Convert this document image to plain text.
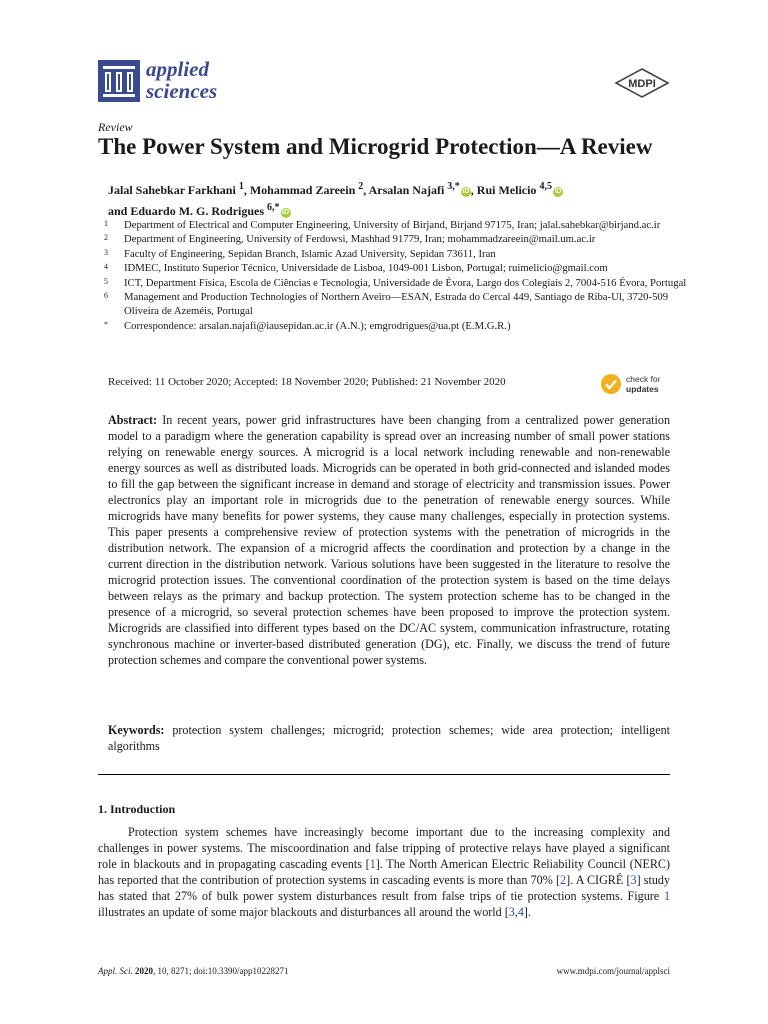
applied
sciences	MDPI
Review
The Power System and Microgrid Protection—A Review
Jalal Sahebkar Farkhani $^1$, Mohammad Zareein $^2$, Arsalan Najafi $^{3,*}$ iD , Rui Melicio $^{4,5}$ iD
and Eduardo M. G. Rodrigues $^{6,*}$ iD
1	Department of Electrical and Computer Engineering, University of Birjand, Birjand 97175, Iran; jalal.sahebkar@birjand.ac.ir
2	Department of Engineering, University of Ferdowsi, Mashhad 91779, Iran; mohammadzareein@mail.um.ac.ir
3	Faculty of Engineering, Sepidan Branch, Islamic Azad University, Sepidan 73611, Iran
4	IDMEC, Instituto Superior Técnico, Universidade de Lisboa, 1049-001 Lisbon, Portugal; ruimelicio@gmail.com
5	ICT, Department Física, Escola de Ciências e Tecnologia, Universidade de Évora, Largo dos Colegiais 2, 7004-516 Évora, Portugal
6	Management and Production Technologies of Northern Aveiro—ESAN, Estrada do Cercal 449, Santiago de Riba-Ul, 3720-509 Oliveira de Azeméis, Portugal
*	Correspondence: arsalan.najafi@iausepidan.ac.ir (A.N.); emgrodrigues@ua.pt (E.M.G.R.)
Received: 11 October 2020; Accepted: 18 November 2020; Published: 21 November 2020	check for
updates
Abstract: In recent years, power grid infrastructures have been changing from a centralized power generation model to a paradigm where the generation capability is spread over an increasing number of small power stations relying on renewable energy sources. A microgrid is a local network including renewable and non-renewable energy sources as well as distributed loads. Microgrids can be operated in both grid-connected and islanded modes to fill the gap between the significant increase in demand and storage of electricity and transmission issues. Power electronics play an important role in microgrids due to the penetration of renewable energy sources. While microgrids have many benefits for power systems, they cause many challenges, especially in protection systems. This paper presents a comprehensive review of protection systems with the penetration of microgrids in the distribution network. The expansion of a microgrid affects the coordination and protection by a change in the current direction in the distribution network. Various solutions have been suggested in the literature to resolve the microgrid protection issues. The conventional coordination of the protection system is based on the time delays between relays as the primary and backup protection. The system protection scheme has to be changed in the presence of a microgrid, so several protection schemes have been proposed to improve the protection system. Microgrids are classified into different types based on the DC/AC system, communication infrastructure, rotating synchronous machine or inverter-based distributed generation (DG), etc. Finally, we discuss the trend of future protection schemes and compare the conventional power systems.
Keywords: protection system challenges; microgrid; protection schemes; wide area protection; intelligent algorithms
1. Introduction

Protection system schemes have increasingly become important due to the increasing complexity and challenges in power systems. The miscoordination and false tripping of protective relays have played a significant role in blackouts and in propagating cascading events [1]. The North American Electric Reliability Council (NERC) has reported that the contribution of protection systems in cascading events is more than 70% [2]. A CIGRÉ [3] study has stated that 27% of bulk power system disturbances result from false trips of tie protection systems. Figure 1 illustrates an update of some major blackouts and disturbances all around the world [3,4].

Appl. Sci. 2020, 10, 8271; doi:10.3390/app10228271	www.mdpi.com/journal/applsci
